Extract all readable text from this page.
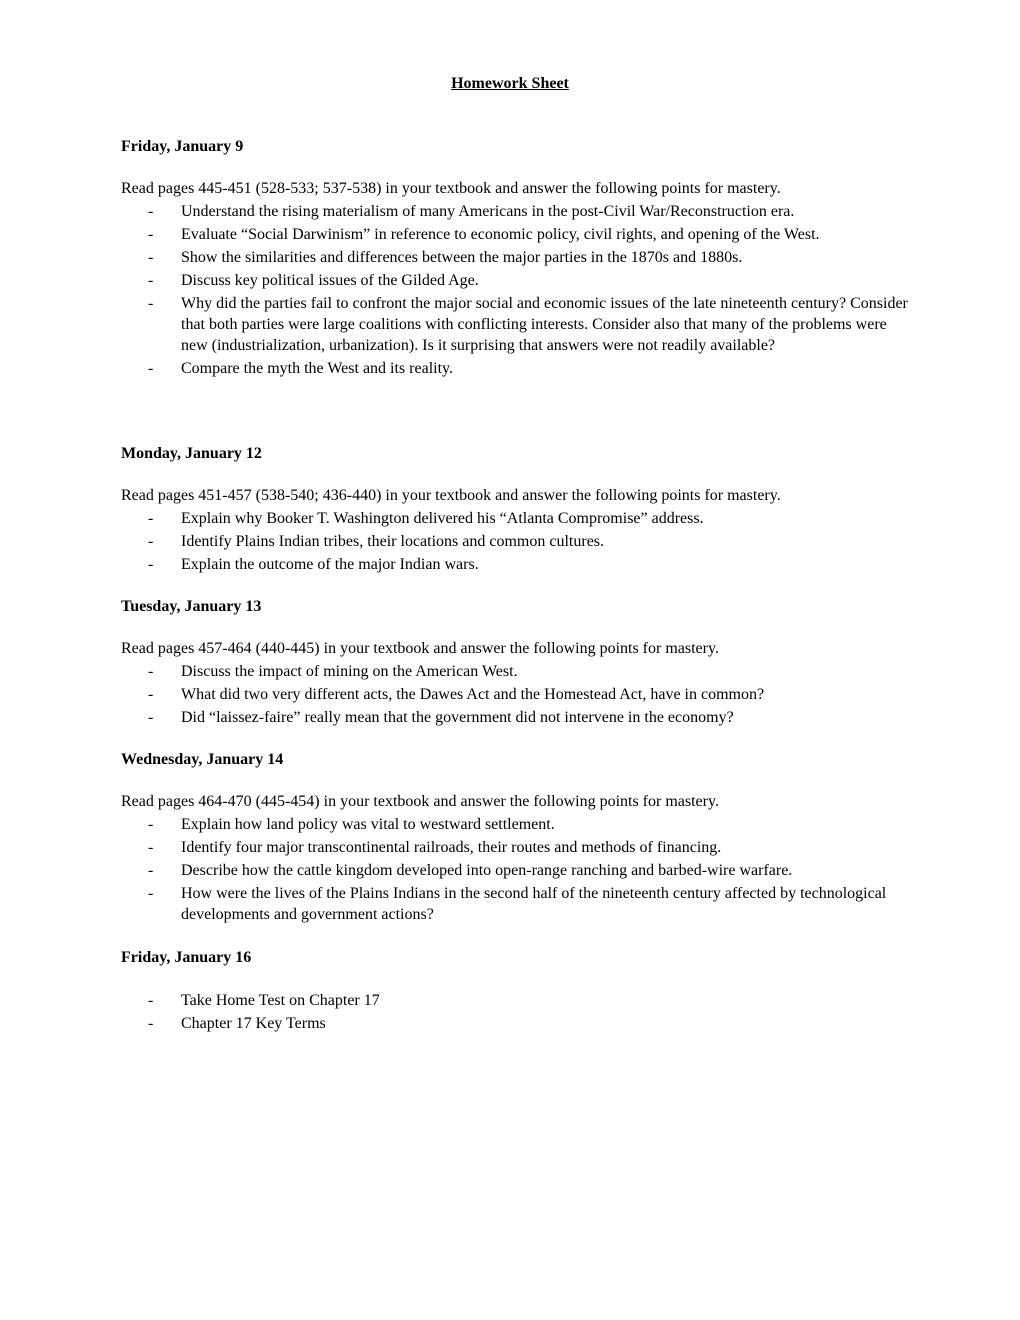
Homework Sheet
Friday, January 9
Read pages 445-451 (528-533; 537-538) in your textbook and answer the following points for mastery.
- Understand the rising materialism of many Americans in the post-Civil War/Reconstruction era.
- Evaluate “Social Darwinism” in reference to economic policy, civil rights, and opening of the West.
- Show the similarities and differences between the major parties in the 1870s and 1880s.
- Discuss key political issues of the Gilded Age.
- Why did the parties fail to confront the major social and economic issues of the late nineteenth century? Consider that both parties were large coalitions with conflicting interests. Consider also that many of the problems were new (industrialization, urbanization). Is it surprising that answers were not readily available?
- Compare the myth the West and its reality.
Monday, January 12
Read pages 451-457 (538-540; 436-440) in your textbook and answer the following points for mastery.
- Explain why Booker T. Washington delivered his “Atlanta Compromise” address.
- Identify Plains Indian tribes, their locations and common cultures.
- Explain the outcome of the major Indian wars.
Tuesday, January 13
Read pages 457-464 (440-445) in your textbook and answer the following points for mastery.
- Discuss the impact of mining on the American West.
- What did two very different acts, the Dawes Act and the Homestead Act, have in common?
- Did “laissez-faire” really mean that the government did not intervene in the economy?
Wednesday, January 14
Read pages 464-470 (445-454) in your textbook and answer the following points for mastery.
- Explain how land policy was vital to westward settlement.
- Identify four major transcontinental railroads, their routes and methods of financing.
- Describe how the cattle kingdom developed into open-range ranching and barbed-wire warfare.
- How were the lives of the Plains Indians in the second half of the nineteenth century affected by technological developments and government actions?
Friday, January 16
- Take Home Test on Chapter 17
- Chapter 17 Key Terms
